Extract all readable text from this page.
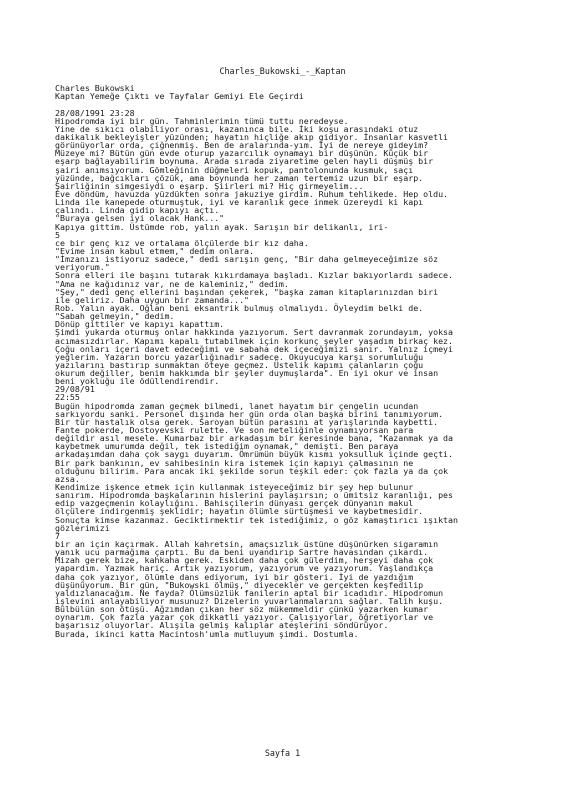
Charles_Bukowski_-_Kaptan
Charles Bukowski
Kaptan Yemeğe Çıktı ve Tayfalar Gemiyi Ele Geçirdi
28/08/1991 23:28
Hipodromda iyi bir gün. Tahminlerimin tümü tuttu neredeyse.
Yine de sıkıcı olabiliyor orası, kazanınca bile. İki koşu arasındaki otuz
dakikalık bekleyişler yüzünden; hayatın hiçliğe akıp gidiyor. İnsanlar kasvetli
görünüyorlar orda, çiğnenmiş. Ben de aralarında-yım. İyi de nereye gideyim?
Müzeye mi? Bütün gün evde oturup yazarcılık oynamayı bir düşünün. Küçük bir
eşarp bağlayabilirim boynuma. Arada sırada ziyaretime gelen hayli düşmüş bir
şairi anımsıyorum. Gömleğinin düğmeleri kopuk, pantolonunda kusmuk, saçı
yüzünde, bağcıkları çözük, ama boynunda her zaman tertemiz uzun bir eşarp.
Şairliğinin simgesiydi o eşarp. Şiirleri mi? Hiç girmeyelim...
Eve döndüm, havuzda yüzdükten sonra jakuziye girdim. Ruhum tehlikede. Hep oldu.
Linda ile kanepede oturmuştuk, iyi ve karanlık gece inmek üzereydi ki kapı
çalındı. Linda gidip kapıyı açtı.
"Buraya gelsen iyi olacak Hank..."
Kapıya gittim. Üstümde rob, yalın ayak. Sarışın bir delikanlı, iri-
5
ce bir genç kız ve ortalama ölçülerde bir kız daha.
"Evime insan kabul etmem," dedim onlara.
"İmzanızı istiyoruz sadece," dedi sarışın genç, "Bir daha gelmeyeceğimize söz
veriyorum."
Sonra elleri ile başını tutarak kıkırdamaya başladı. Kızlar bakıyorlardı sadece.
"Ama ne kağıdınız var, ne de kaleminiz," dedim.
"Şey," dedi genç ellerini başından çekerek, "başka zaman kitaplarınızdan biri
ile geliriz. Daha uygun bir zamanda..."
Rob. Yalın ayak. Oğlan beni eksantrik bulmuş olmalıydı. Öyleydim belki de.
"Sabah gelmeyin," dedim.
Dönüp gittiler ve kapıyı kapattım.
Şimdi yukarda oturmuş onlar hakkında yazıyorum. Sert davranmak zorundayım, yoksa
acımasızdırlar. Kapımı kapalı tutabilmek için korkunç şeyler yaşadım birkaç kez.
Çoğu onları içeri davet edeceğimi ve sabaha dek içeceğimizi sanır. Yalnız içmeyi
yeğlerim. Yazarın borcu yazarlığınadır sadece. Okuyucuya karşı sorumluluğu
yazılarını bastırıp sunmaktan öteye geçmez. Üstelik kapımı çalanların çoğu
okurum değiller, benim hakkımda bir şeyler duymuşlarda". En iyi okur ve insan
beni yokluğu ile ödüllendirendir.
29/08/91
22:55
Bugün hipodromda zaman geçmek bilmedi, lanet hayatım bir çengelin ucundan
sarkıyordu sanki. Personel dışında her gün orda olan başka birini tanımıyorum.
Bir tür hastalık olsa gerek. Saroyan bütün parasını at yarışlarında kaybetti.
Fante pokerde, Dostoyevski rulette. Ve son meteliğinle oynamıyorsan para
değildir asıl mesele. Kumarbaz bir arkadaşım bir keresinde bana, "Kazanmak ya da
kaybetmek umurumda değil, tek istediğim oynamak," demişti. Ben paraya
arkadaşımdan daha çok saygı duyarım. Ömrümün büyük kısmı yoksulluk içinde geçti.
Bir park bankının, ev sahibesinin kira istemek için kapıyı çalmasının ne
olduğunu bilirim. Para ancak iki şekilde sorun teşkil eder: çok fazla ya da çok
azsa.
Kendimize işkence etmek için kullanmak isteyeceğimiz bir şey hep bulunur
sanırım. Hipodromda başkalarının hislerini paylaşırsın; o ümitsiz karanlığı, pes
edip vazgeçmenin kolaylığını. Bahisçilerin dünyası gerçek dünyanın makul
ölçülere indirgenmiş şeklidir; hayatın ölümle sürtüşmesi ve kaybetmesidir.
Sonuçta kimse kazanmaz. Geciktirmektir tek istediğimiz, o göz kamaştırıcı ışıktan
gözlerimizi
7
bir an için kaçırmak. Allah kahretsin, amaçsızlık üstüne düşünürken sigaramın
yanık ucu parmağıma çarptı. Bu da beni uyandırıp Sartre havasından çıkardı.
Mizah gerek bize, kahkaha gerek. Eskiden daha çok gülerdim, herşeyi daha çok
yapardım. Yazmak hariç. Artık yazıyorum, yazıyorum ve yazıyorum. Yaşlandıkça
daha çok yazıyor, ölümle dans ediyorum, iyi bir gösteri. İyi de yazdığım
düşünüyorum. Bir gün, "Bukowski ölmüş," diyecekler ve gerçekten keşfedilip
yaldızlanacağım. Ne fayda? Ölümsüzlük fanilerin aptal bir icadıdır. Hipodromun
işlevini anlayabiliyor musunuz? Dizelerin yuvarlanmalarını sağlar. Talih kuşu.
Bülbülün son ötüşü. Ağzımdan çıkan her söz mükemmeldir çünkü yazarken kumar
oynarım. Çok fazla yazar çok dikkatli yazıyor. Çalışıyorlar, öğretiyorlar ve
başarısız oluyorlar. Alışıla gelmiş kalıplar ateşlerini söndürüyor.
Burada, ikinci katta Macintosh'umla mutluyum şimdi. Dostumla.
Sayfa 1
